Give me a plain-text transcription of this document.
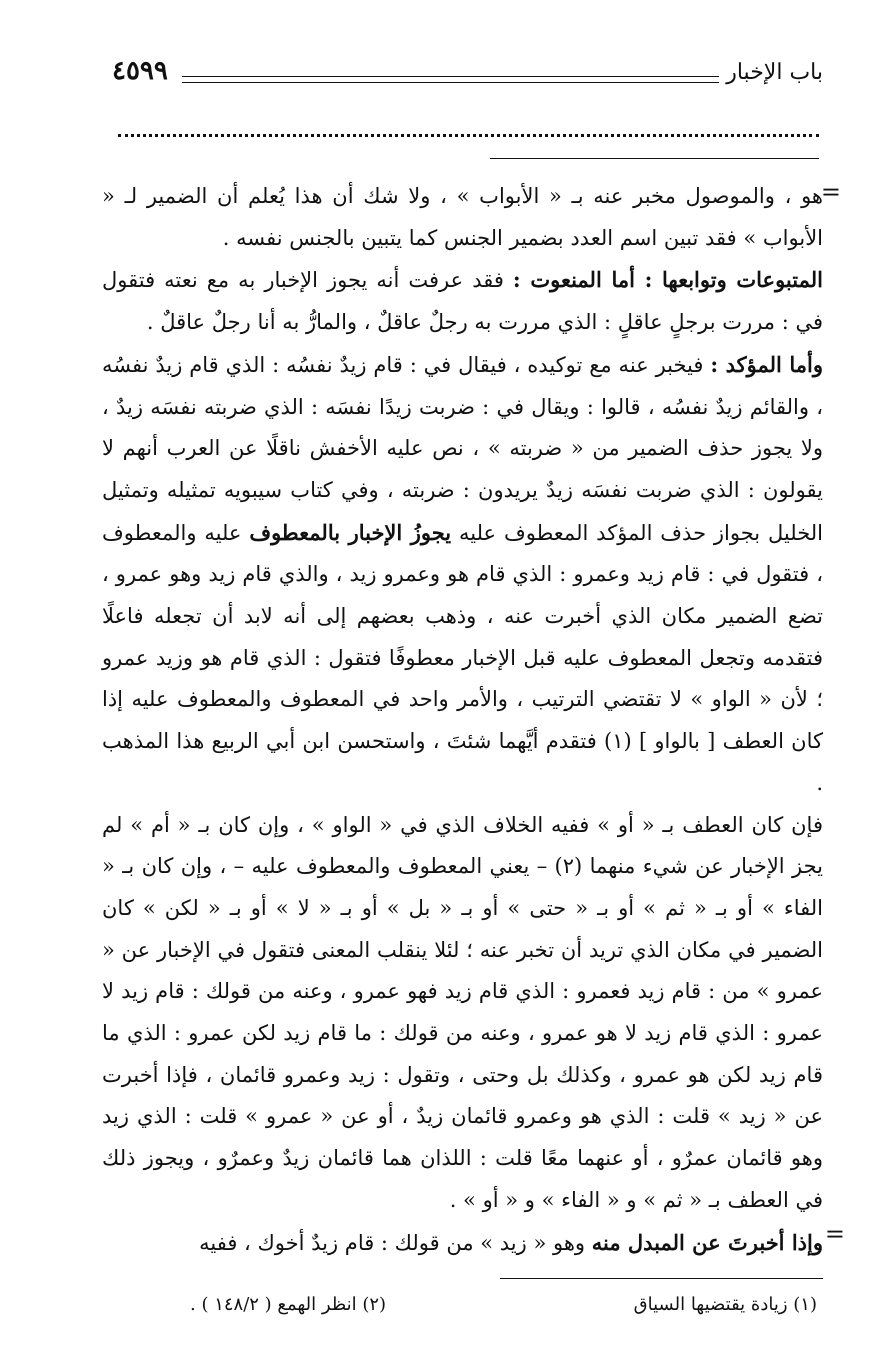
باب الإخبار
٤٥٩٩
=
=

هو ، والموصول مخبر عنه بـ « الأبواب » ، ولا شك أن هذا يُعلم أن الضمير لـ « الأبواب » فقد تبين اسم العدد بضمير الجنس كما يتبين بالجنس نفسه .

المتبوعات وتوابعها : أما المنعوت : فقد عرفت أنه يجوز الإخبار به مع نعته فتقول في : مررت برجلٍ عاقلٍ : الذي مررت به رجلٌ عاقلٌ ، والمارُّ به أنا رجلٌ عاقلٌ .

وأما المؤكد : فيخبر عنه مع توكيده ، فيقال في : قام زيدٌ نفسُه : الذي قام زيدٌ نفسُه ، والقائم زيدٌ نفسُه ، قالوا : ويقال في : ضربت زيدًا نفسَه : الذي ضربته نفسَه زيدٌ ، ولا يجوز حذف الضمير من « ضربته » ، نص عليه الأخفش ناقلًا عن العرب أنهم لا يقولون : الذي ضربت نفسَه زيدٌ يريدون : ضربته ، وفي كتاب سيبويه تمثيله وتمثيل الخليل بجواز حذف المؤكد المعطوف عليه يجوزُ الإخبار بالمعطوف عليه والمعطوف ، فتقول في : قام زيد وعمرو : الذي قام هو وعمرو زيد ، والذي قام زيد وهو عمرو ، تضع الضمير مكان الذي أخبرت عنه ، وذهب بعضهم إلى أنه لابد أن تجعله فاعلًا فتقدمه وتجعل المعطوف عليه قبل الإخبار معطوفًا فتقول : الذي قام هو وزيد عمرو ؛ لأن « الواو » لا تقتضي الترتيب ، والأمر واحد في المعطوف والمعطوف عليه إذا كان العطف [ بالواو ] (١) فتقدم أيَّهما شئتَ ، واستحسن ابن أبي الربيع هذا المذهب .

فإن كان العطف بـ « أو » ففيه الخلاف الذي في « الواو » ، وإن كان بـ « أم » لم يجز الإخبار عن شيء منهما (٢) – يعني المعطوف والمعطوف عليه – ، وإن كان بـ « الفاء » أو بـ « ثم » أو بـ « حتى » أو بـ « بل » أو بـ « لا » أو بـ « لكن » كان الضمير في مكان الذي تريد أن تخبر عنه ؛ لئلا ينقلب المعنى فتقول في الإخبار عن « عمرو » من : قام زيد فعمرو : الذي قام زيد فهو عمرو ، وعنه من قولك : قام زيد لا عمرو : الذي قام زيد لا هو عمرو ، وعنه من قولك : ما قام زيد لكن عمرو : الذي ما قام زيد لكن هو عمرو ، وكذلك بل وحتى ، وتقول : زيد وعمرو قائمان ، فإذا أخبرت عن « زيد » قلت : الذي هو وعمرو قائمان زيدٌ ، أو عن « عمرو » قلت : الذي زيد وهو قائمان عمرٌو ، أو عنهما معًا قلت : اللذان هما قائمان زيدٌ وعمرٌو ، ويجوز ذلك في العطف بـ « ثم » و « الفاء » و « أو » .

وإذا أخبرتَ عن المبدل منه وهو « زيد » من قولك : قام زيدٌ أخوك ، ففيه

(١) زيادة يقتضيها السياق
(٢) انظر الهمع ( ١٤٨/٢ ) .
